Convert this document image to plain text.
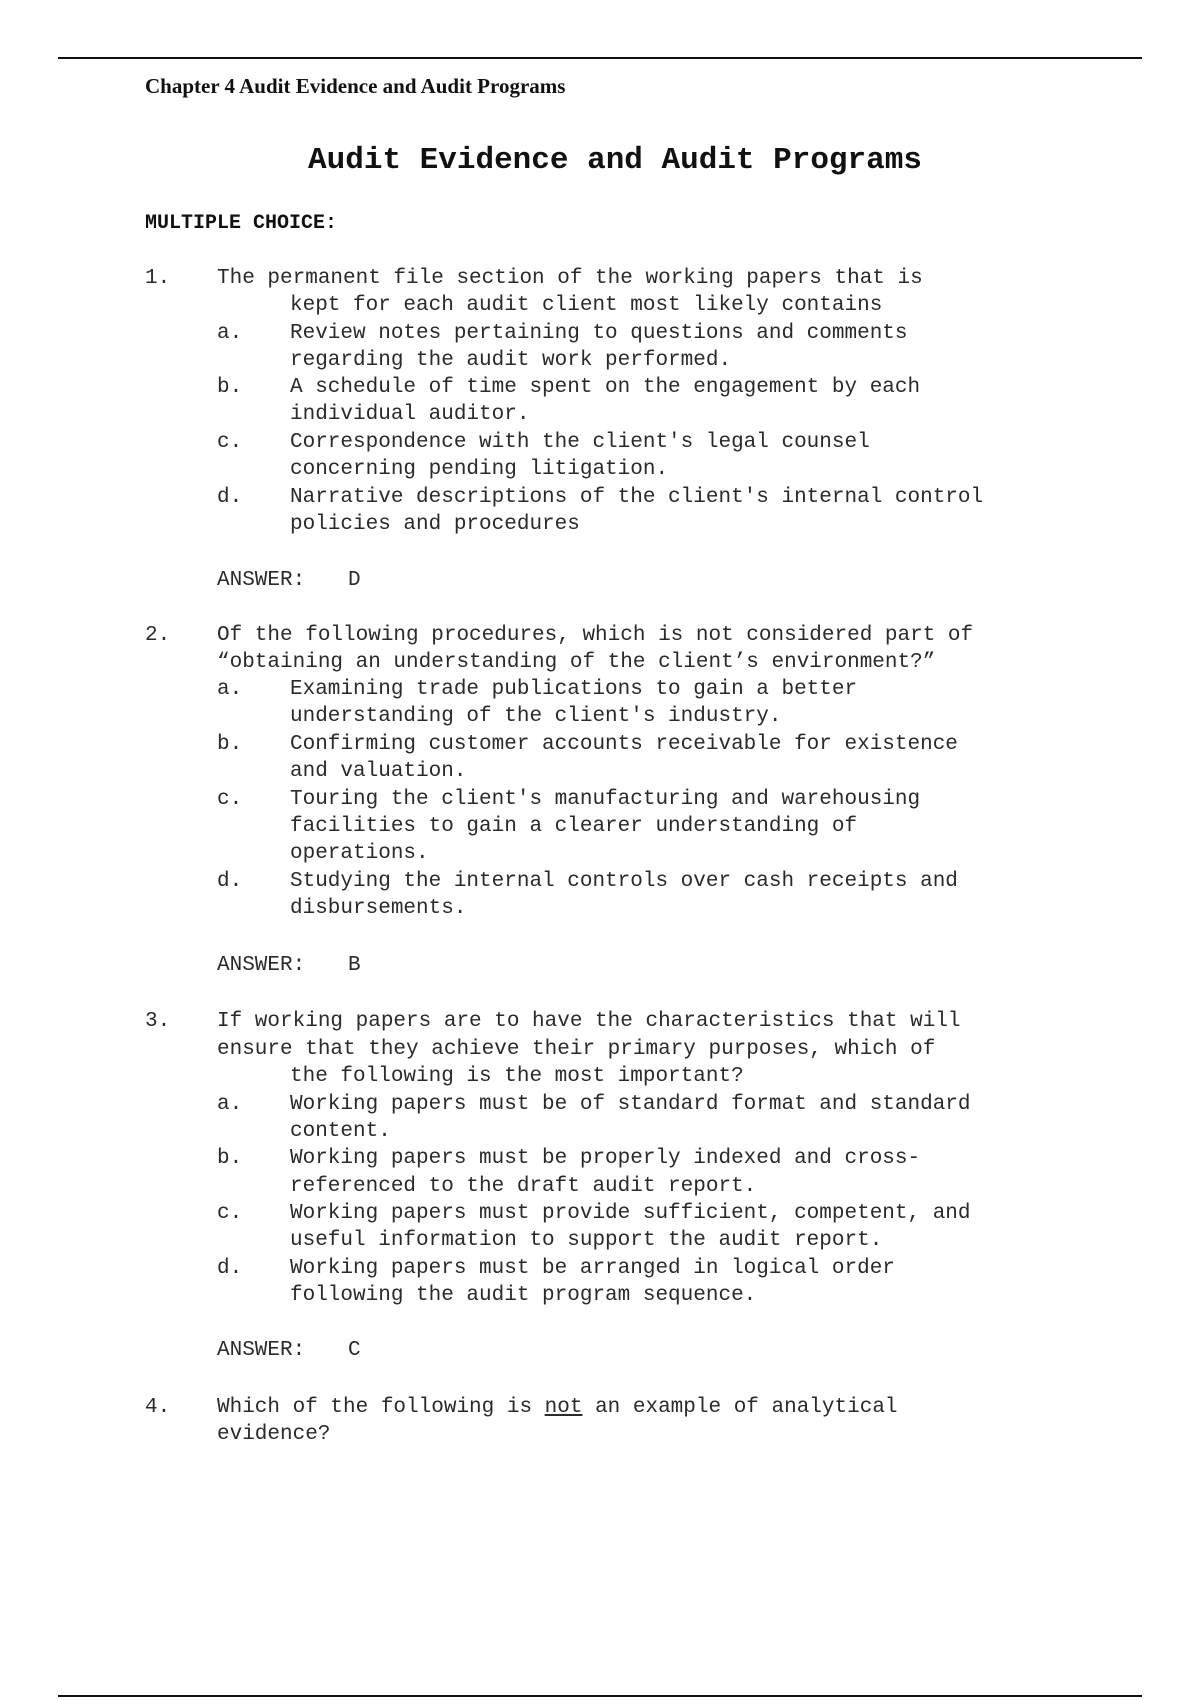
Chapter 4 Audit Evidence and Audit Programs
Audit Evidence and Audit Programs
MULTIPLE CHOICE:
1. The permanent file section of the working papers that is
kept for each audit client most likely contains
a. Review notes pertaining to questions and comments
regarding the audit work performed.
b. A schedule of time spent on the engagement by each
individual auditor.
c. Correspondence with the client's legal counsel
concerning pending litigation.
d. Narrative descriptions of the client's internal control
policies and procedures
ANSWER: D
2. Of the following procedures, which is not considered part of
“obtaining an understanding of the client’s environment?”
a. Examining trade publications to gain a better
understanding of the client's industry.
b. Confirming customer accounts receivable for existence
and valuation.
c. Touring the client's manufacturing and warehousing
facilities to gain a clearer understanding of
operations.
d. Studying the internal controls over cash receipts and
disbursements.
ANSWER: B
3. If working papers are to have the characteristics that will
ensure that they achieve their primary purposes, which of
the following is the most important?
a. Working papers must be of standard format and standard
content.
b. Working papers must be properly indexed and cross-
referenced to the draft audit report.
c. Working papers must provide sufficient, competent, and
useful information to support the audit report.
d. Working papers must be arranged in logical order
following the audit program sequence.
ANSWER: C
4. Which of the following is not an example of analytical
evidence?
